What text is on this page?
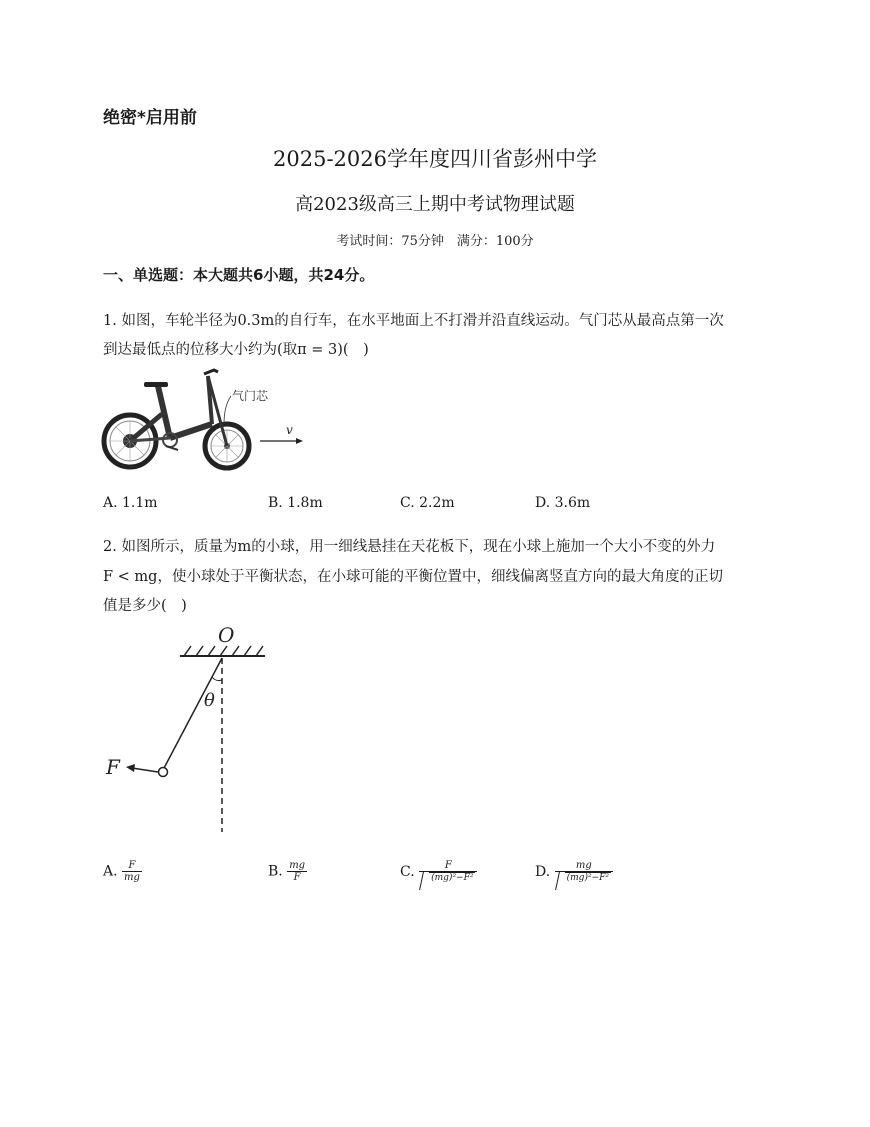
绝密*启用前
2025-2026学年度四川省彭州中学
高2023级高三上期中考试物理试题
考试时间：75分钟　满分：100分
一、单选题：本大题共6小题，共24分。
1. 如图，车轮半径为0.3m的自行车，在水平地面上不打滑并沿直线运动。气门芯从最高点第一次
到达最低点的位移大小约为(取π = 3)(　)
气门芯
v
A. 1.1m	B. 1.8m	C. 2.2m	D. 3.6m
2. 如图所示，质量为m的小球，用一细线悬挂在天花板下，现在小球上施加一个大小不变的外力
F < mg，使小球处于平衡状态，在小球可能的平衡位置中，细线偏离竖直方向的最大角度的正切
值是多少(　)
O
θ
F
A. $\frac{F}{mg}$	B. $\frac{mg}{F}$	C. $\frac{F}{\text{(mg)²−F²}}$	D. $\frac{mg}{\text{(mg)²−F²}}$
